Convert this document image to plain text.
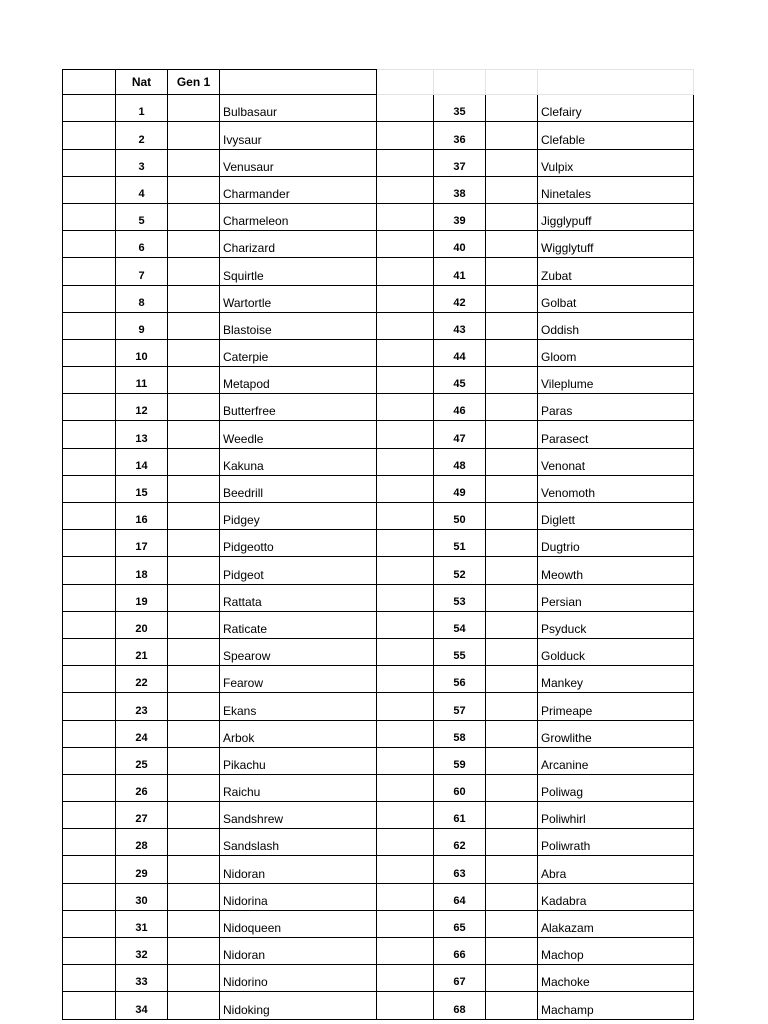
	Nat	Gen 1					
	1		Bulbasaur		35		Clefairy
	2		Ivysaur		36		Clefable
	3		Venusaur		37		Vulpix
	4		Charmander		38		Ninetales
	5		Charmeleon		39		Jigglypuff
	6		Charizard		40		Wigglytuff
	7		Squirtle		41		Zubat
	8		Wartortle		42		Golbat
	9		Blastoise		43		Oddish
	10		Caterpie		44		Gloom
	11		Metapod		45		Vileplume
	12		Butterfree		46		Paras
	13		Weedle		47		Parasect
	14		Kakuna		48		Venonat
	15		Beedrill		49		Venomoth
	16		Pidgey		50		Diglett
	17		Pidgeotto		51		Dugtrio
	18		Pidgeot		52		Meowth
	19		Rattata		53		Persian
	20		Raticate		54		Psyduck
	21		Spearow		55		Golduck
	22		Fearow		56		Mankey
	23		Ekans		57		Primeape
	24		Arbok		58		Growlithe
	25		Pikachu		59		Arcanine
	26		Raichu		60		Poliwag
	27		Sandshrew		61		Poliwhirl
	28		Sandslash		62		Poliwrath
	29		Nidoran		63		Abra
	30		Nidorina		64		Kadabra
	31		Nidoqueen		65		Alakazam
	32		Nidoran		66		Machop
	33		Nidorino		67		Machoke
	34		Nidoking		68		Machamp
